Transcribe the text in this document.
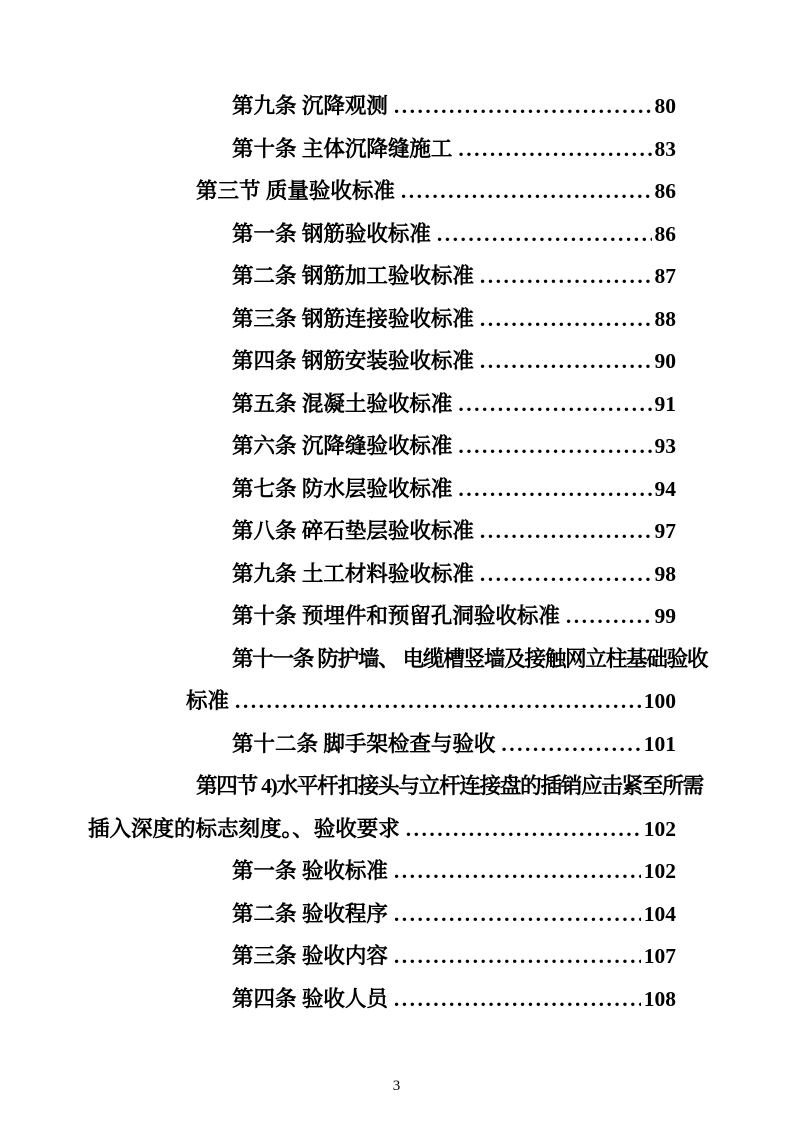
第九条 沉降观测 .....	80
第十条 主体沉降缝施工 .....	83
第三节 质量验收标准 .....	86
第一条 钢筋验收标准 .....	86
第二条 钢筋加工验收标准 .....	87
第三条 钢筋连接验收标准 .....	88
第四条 钢筋安装验收标准 .....	90
第五条 混凝土验收标准 .....	91
第六条 沉降缝验收标准 .....	93
第七条 防水层验收标准 .....	94
第八条 碎石垫层验收标准 .....	97
第九条 土工材料验收标准 .....	98
第十条 预埋件和预留孔洞验收标准 .....	99
第十一条 防护墙、 电缆槽竖墙及接触网立柱基础验收
标准 .....	100
第十二条 脚手架检查与验收 .....	101
第四节 4)水平杆扣接头与立杆连接盘的插销应击紧至所需
插入深度的标志刻度。、验收要求 .....	102
第一条 验收标准 .....	102
第二条 验收程序 .....	104
第三条 验收内容 .....	107
第四条 验收人员 .....	108
3
